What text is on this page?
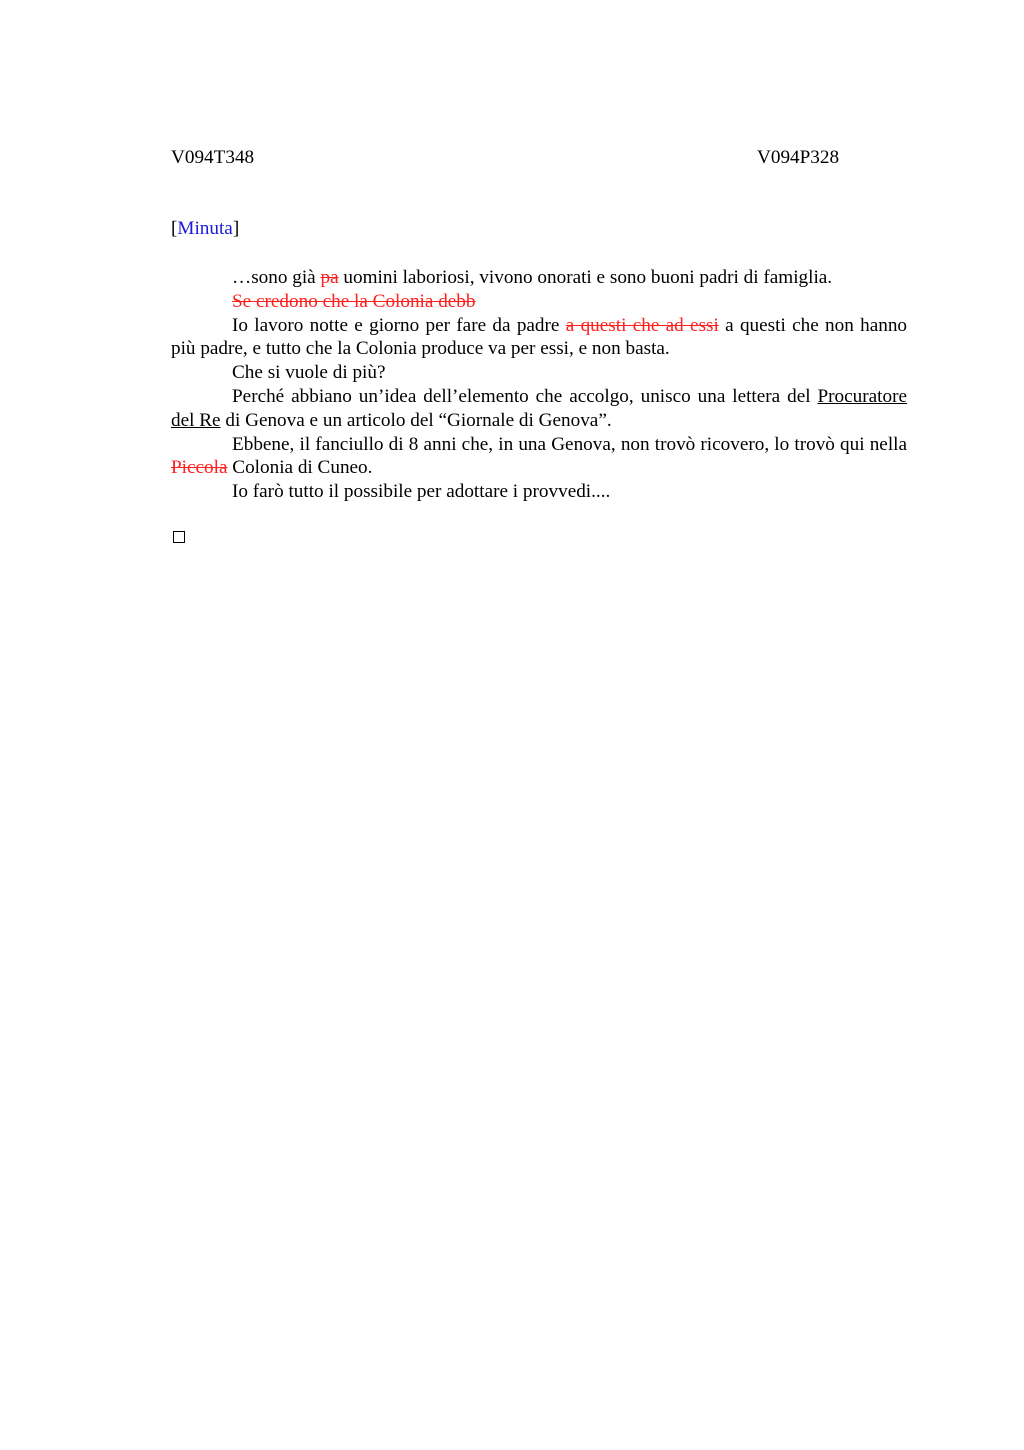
V094T348	V094P328
[Minuta]

…sono già pa uomini laboriosi, vivono onorati e sono buoni padri di famiglia.

Se credono che la Colonia debb

Io lavoro notte e giorno per fare da padre a questi che ad essi a questi che non hanno più padre, e tutto che la Colonia produce va per essi, e non basta.

Che si vuole di più?

Perché abbiano un’idea dell’elemento che accolgo, unisco una lettera del Procuratore del Re di Genova e un articolo del “Giornale di Genova”.

Ebbene, il fanciullo di 8 anni che, in una Genova, non trovò ricovero, lo trovò qui nella Piccola Colonia di Cuneo.

Io farò tutto il possibile per adottare i provvedi....
